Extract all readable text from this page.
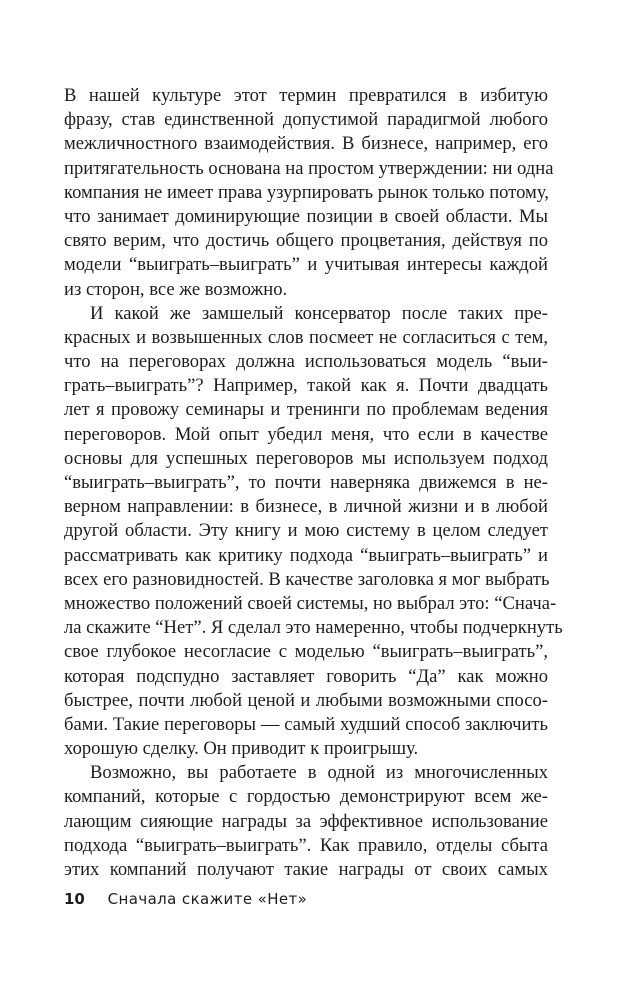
В нашей культуре этот термин превратился в избитую
фразу, став единственной допустимой парадигмой любого
межличностного взаимодействия. В бизнесе, например, его
притягательность основана на простом утверждении: ни одна
компания не имеет права узурпировать рынок только потому,
что занимает доминирующие позиции в своей области. Мы
свято верим, что достичь общего процветания, действуя по
модели “выиграть–выиграть” и учитывая интересы каждой
из сторон, все же возможно.
И какой же замшелый консерватор после таких пре-
красных и возвышенных слов посмеет не согласиться с тем,
что на переговорах должна использоваться модель “выи-
грать–выиграть”? Например, такой как я. Почти двадцать
лет я провожу семинары и тренинги по проблемам ведения
переговоров. Мой опыт убедил меня, что если в качестве
основы для успешных переговоров мы используем подход
“выиграть–выиграть”, то почти наверняка движемся в не-
верном направлении: в бизнесе, в личной жизни и в любой
другой области. Эту книгу и мою систему в целом следует
рассматривать как критику подхода “выиграть–выиграть” и
всех его разновидностей. В качестве заголовка я мог выбрать
множество положений своей системы, но выбрал это: “Снача-
ла скажите “Нет”. Я сделал это намеренно, чтобы подчеркнуть
свое глубокое несогласие с моделью “выиграть–выиграть”,
которая подспудно заставляет говорить “Да” как можно
быстрее, почти любой ценой и любыми возможными спосо-
бами. Такие переговоры — самый худший способ заключить
хорошую сделку. Он приводит к проигрышу.
Возможно, вы работаете в одной из многочисленных
компаний, которые с гордостью демонстрируют всем же-
лающим сияющие награды за эффективное использование
подхода “выиграть–выиграть”. Как правило, отделы сбыта
этих компаний получают такие награды от своих самых
10 Сначала скажите «Нет»
